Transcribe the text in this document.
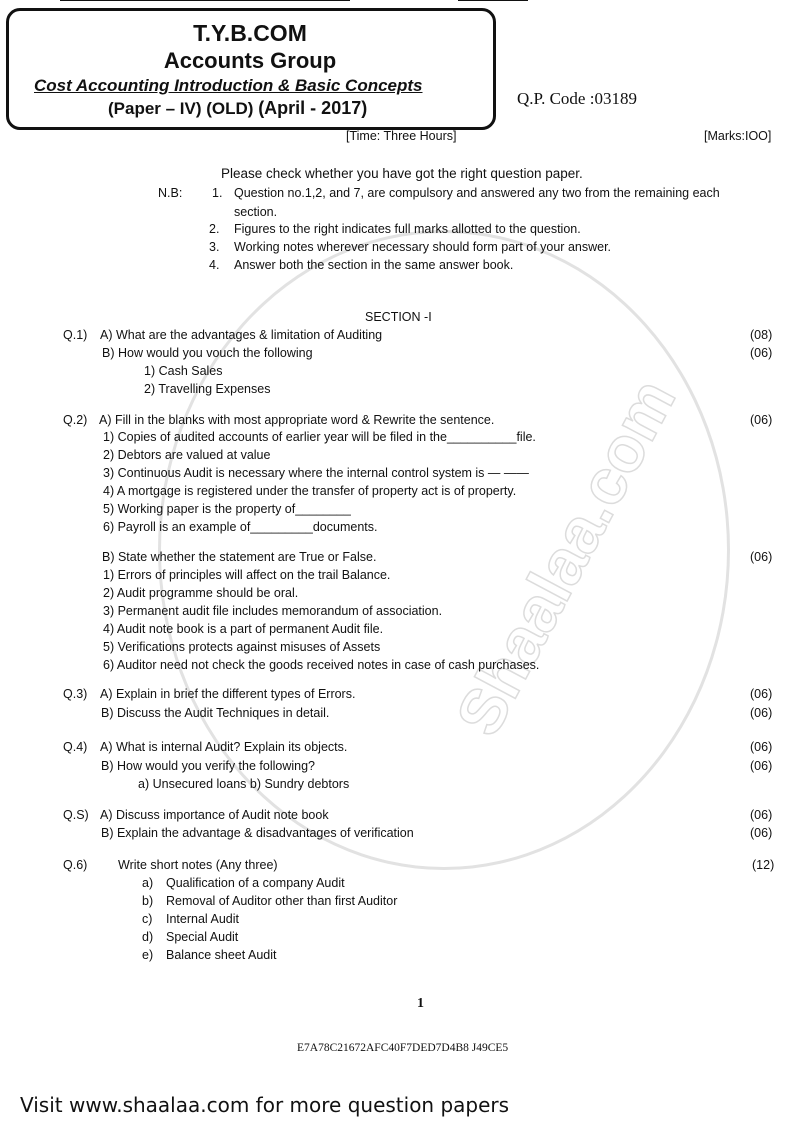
Shaalaa.com
T.Y.B.COM
Accounts Group
Cost Accounting Introduction & Basic Concepts
(Paper – IV) (OLD) (April - 2017)	Q.P. Code :03189
[Time: Three Hours]	[Marks:IOO]
Please check whether you have got the right question paper.
N.B: 1. Question no.1,2, and 7, are compulsory and answered any two from the remaining each
section.
2. Figures to the right indicates full marks allotted to the question.
3. Working notes wherever necessary should form part of your answer.
4. Answer both the section in the same answer book.
SECTION -I
Q.1) A) What are the advantages & limitation of Auditing	(08)
B) How would you vouch the following	(06)
1) Cash Sales
2) Travelling Expenses
Q.2) A) Fill in the blanks with most appropriate word & Rewrite the sentence.	(06)
1) Copies of audited accounts of earlier year will be filed in the__________file.
2) Debtors are valued at value
3) Continuous Audit is necessary where the internal control system is — ——
4) A mortgage is registered under the transfer of property act is of property.
5) Working paper is the property of________
6) Payroll is an example of_________documents.
B) State whether the statement are True or False.	(06)
1) Errors of principles will affect on the trail Balance.
2) Audit programme should be oral.
3) Permanent audit file includes memorandum of association.
4) Audit note book is a part of permanent Audit file.
5) Verifications protects against misuses of Assets
6) Auditor need not check the goods received notes in case of cash purchases.
Q.3) A) Explain in brief the different types of Errors.	(06)
B) Discuss the Audit Techniques in detail.	(06)
Q.4) A) What is internal Audit? Explain its objects.	(06)
B) How would you verify the following?	(06)
a) Unsecured loans b) Sundry debtors
Q.S) A) Discuss importance of Audit note book	(06)
B) Explain the advantage & disadvantages of verification	(06)
Q.6) Write short notes (Any three)	(12)
a) Qualification of a company Audit
b) Removal of Auditor other than first Auditor
c) Internal Audit
d) Special Audit
e) Balance sheet Audit
1
E7A78C21672AFC40F7DED7D4B8 J49CE5
Visit www.shaalaa.com for more question papers
